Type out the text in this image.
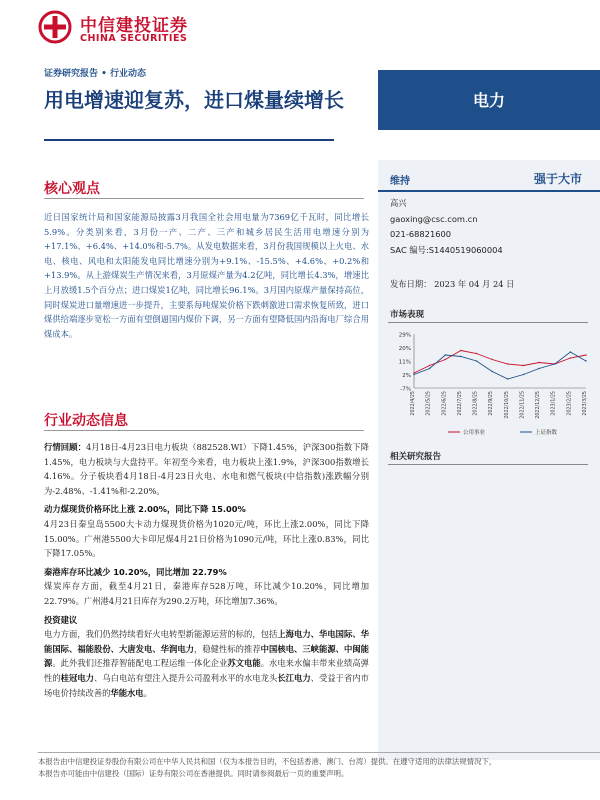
中信建投证券
CHINA SECURITIES
证券研究报告 • 行业动态
用电增速迎复苏，进口煤量续增长	电力
核心观点

近日国家统计局和国家能源局披露3月我国全社会用电量为7369亿千瓦时，同比增长5.9%。分类别来看，3月份一产、二产、三产和城乡居民生活用电增速分别为+17.1%、+6.4%、+14.0%和-5.7%。从发电数据来看，3月份我国规模以上火电、水电、核电、风电和太阳能发电同比增速分别为+9.1%、-15.5%、+4.6%、+0.2%和+13.9%。从上游煤炭生产情况来看，3月原煤产量为4.2亿吨，同比增长4.3%，增速比上月放缓1.5个百分点；进口煤炭1亿吨，同比增长96.1%。3月国内原煤产量保持高位，同时煤炭进口量增速进一步提升，主要系每吨煤炭价格下跌刺激进口需求恢复所致，进口煤供给端逐步宽松一方面有望倒逼国内煤价下调，另一方面有望降低国内沿海电厂综合用煤成本。

行业动态信息

行情回顾：4月18日-4月23日电力板块（882528.WI）下降1.45%，沪深300指数下降1.45%，电力板块与大盘持平。年初至今来看，电力板块上涨1.9%，沪深300指数增长4.16%。分子板块看4月18日-4月23日火电、水电和燃气板块(中信指数)涨跌幅分别为-2.48%、-1.41%和-2.20%。

动力煤现货价格环比上涨 2.00%，同比下降 15.00%

4月23日秦皇岛5500大卡动力煤现货价格为1020元/吨，环比上涨2.00%，同比下降15.00%。广州港5500大卡印尼煤4月21日价格为1090元/吨，环比上涨0.83%，同比下降17.05%。

秦港库存环比减少 10.20%，同比增加 22.79%

煤炭库存方面，截至4月21日，秦港库存528万吨，环比减少10.20%，同比增加22.79%。广州港4月21日库存为290.2万吨，环比增加7.36%。

投资建议

电力方面，我们仍然持续看好火电转型新能源运营的标的，包括上海电力、华电国际、华能国际、福能股份、大唐发电、华润电力，稳健性标的推荐中国核电、三峡能源、中闽能源。此外我们还推荐智能配电工程运维一体化企业苏文电能。水电来水偏丰带来业绩高弹性的桂冠电力、乌白电站有望注入提升公司盈利水平的水电龙头长江电力、受益于省内市场电价持续改善的华能水电。

维持	强于大市
高兴
gaoxing@csc.com.cn
021-68821600
SAC 编号:S1440519060004
发布日期： 2023 年 04 月 24 日
市场表现
29%
20%
11%
2%
-7%
2022/4/25 2022/5/25 2022/6/25 2022/7/25 2022/8/25 2022/9/25 2022/10/25 2022/11/25 2022/12/25 2023/1/25 2023/2/25 2023/3/25
公用事业	上证指数
相关研究报告
本报告由中信建投证券股份有限公司在中华人民共和国（仅为本报告目的，不包括香港、澳门、台湾）提供。在遵守适用的法律法规情况下，
本报告亦可能由中信建投（国际）证券有限公司在香港提供。同时请参阅最后一页的重要声明。
